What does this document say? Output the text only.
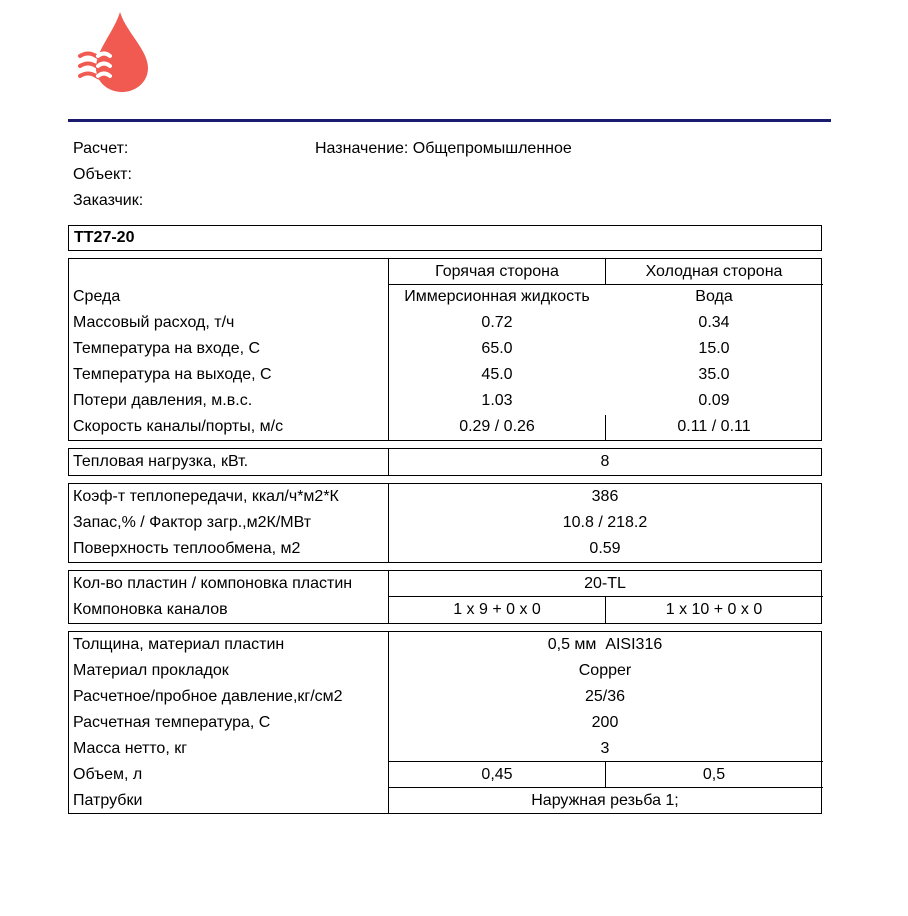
Расчет:
Объект:
Заказчик:
Назначение: Общепромышленное
TT27-20
Горячая сторона	Холодная сторона
Среда	Иммерсионная жидкость	Вода
Массовый расход, т/ч	0.72	0.34
Температура на входе, С	65.0	15.0
Температура на выходе, С	45.0	35.0
Потери давления, м.в.с.	1.03	0.09
Скорость каналы/порты, м/с	0.29 / 0.26	0.11 / 0.11
Тепловая нагрузка, кВт.	8
Коэф-т теплопередачи, ккал/ч*м2*К	386
Запас,% / Фактор загр.,м2К/МВт	10.8 / 218.2
Поверхность теплообмена, м2	0.59
Кол-во пластин / компоновка пластин	20-TL
Компоновка каналов	1 x 9 + 0 x 0	1 x 10 + 0 x 0
Толщина, материал пластин	0,5 мм  AISI316
Материал прокладок	Copper
Расчетное/пробное давление,кг/см2	25/36
Расчетная температура, С	200
Масса нетто, кг	3
Объем, л	0,45	0,5
Патрубки	Наружная резьба 1;
